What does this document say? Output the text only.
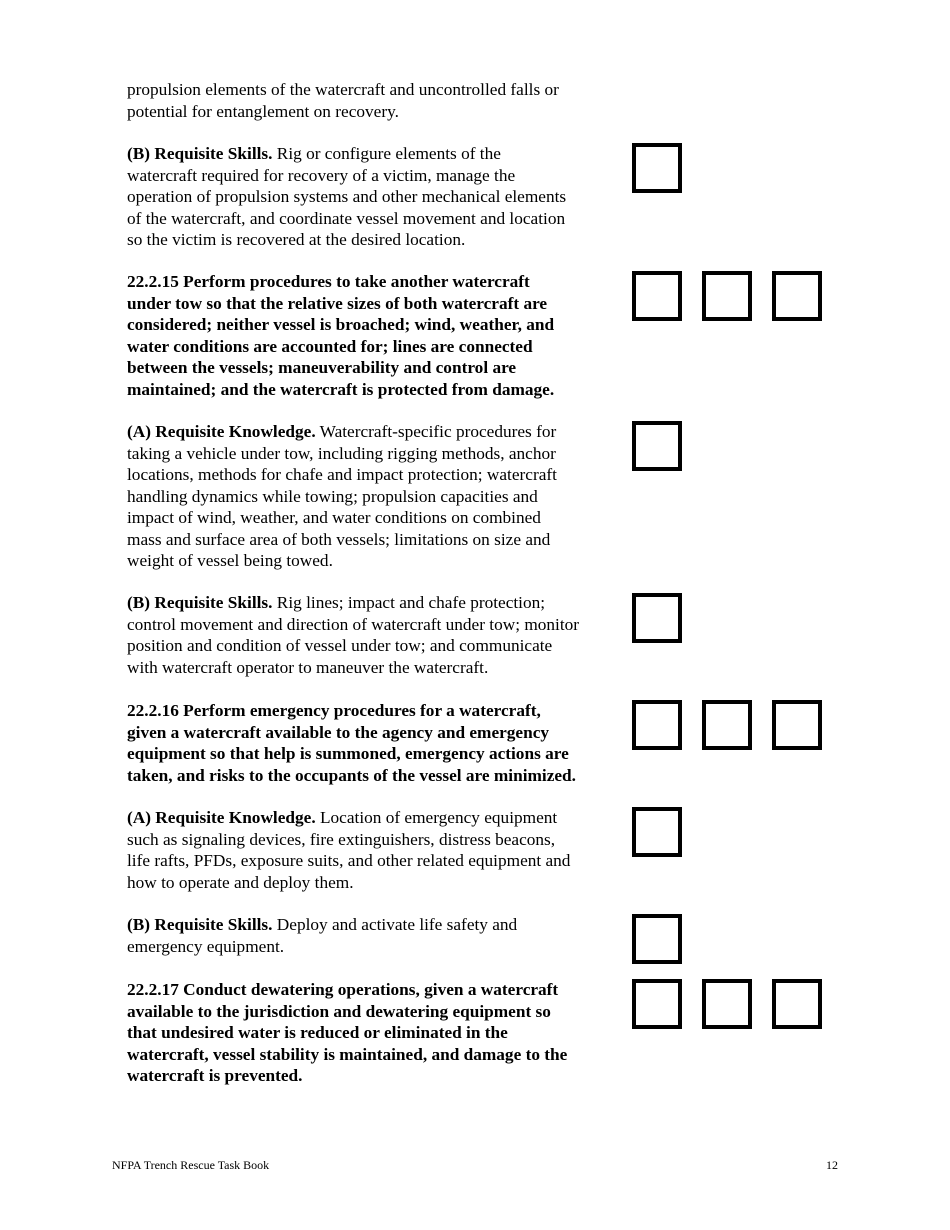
propulsion elements of the watercraft and uncontrolled falls or
potential for entanglement on recovery.

(B) Requisite Skills. Rig or configure elements of the
watercraft required for recovery of a victim, manage the
operation of propulsion systems and other mechanical elements
of the watercraft, and coordinate vessel movement and location
so the victim is recovered at the desired location.

22.2.15 Perform procedures to take another watercraft
under tow so that the relative sizes of both watercraft are
considered; neither vessel is broached; wind, weather, and
water conditions are accounted for; lines are connected
between the vessels; maneuverability and control are
maintained; and the watercraft is protected from damage.

(A) Requisite Knowledge. Watercraft-specific procedures for
taking a vehicle under tow, including rigging methods, anchor
locations, methods for chafe and impact protection; watercraft
handling dynamics while towing; propulsion capacities and
impact of wind, weather, and water conditions on combined
mass and surface area of both vessels; limitations on size and
weight of vessel being towed.

(B) Requisite Skills. Rig lines; impact and chafe protection;
control movement and direction of watercraft under tow; monitor
position and condition of vessel under tow; and communicate
with watercraft operator to maneuver the watercraft.

22.2.16 Perform emergency procedures for a watercraft,
given a watercraft available to the agency and emergency
equipment so that help is summoned, emergency actions are
taken, and risks to the occupants of the vessel are minimized.

(A) Requisite Knowledge. Location of emergency equipment
such as signaling devices, fire extinguishers, distress beacons,
life rafts, PFDs, exposure suits, and other related equipment and
how to operate and deploy them.

(B) Requisite Skills. Deploy and activate life safety and
emergency equipment.

22.2.17 Conduct dewatering operations, given a watercraft
available to the jurisdiction and dewatering equipment so
that undesired water is reduced or eliminated in the
watercraft, vessel stability is maintained, and damage to the
watercraft is prevented.

NFPA Trench Rescue Task Book	12
